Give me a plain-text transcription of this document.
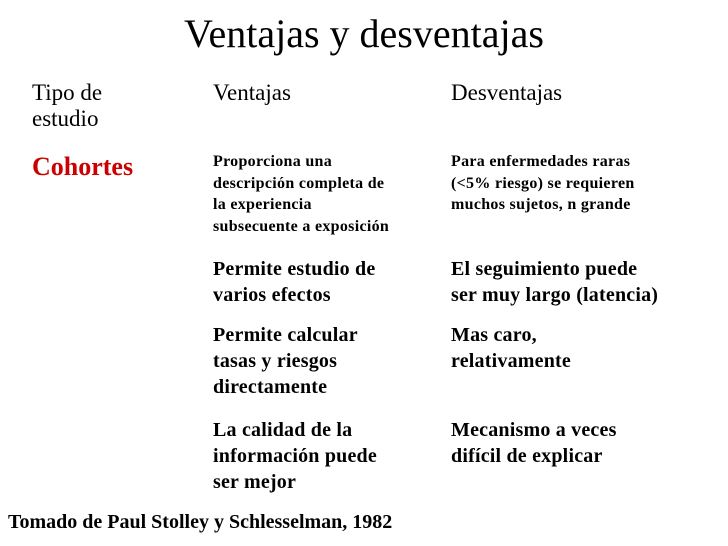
Ventajas y desventajas
Tipo de
estudio
Ventajas	Desventajas
Cohortes	Proporciona una
descripción completa de
la experiencia
subsecuente a exposición
Para enfermedades raras
(<5% riesgo) se requieren
muchos sujetos, n grande
Permite estudio de
varios efectos
El seguimiento puede
ser muy largo (latencia)
Permite calcular
tasas y riesgos
directamente
Mas caro,
relativamente
La calidad de la
información puede
ser mejor
Mecanismo a veces
difícil de explicar
Tomado de Paul Stolley y Schlesselman, 1982
